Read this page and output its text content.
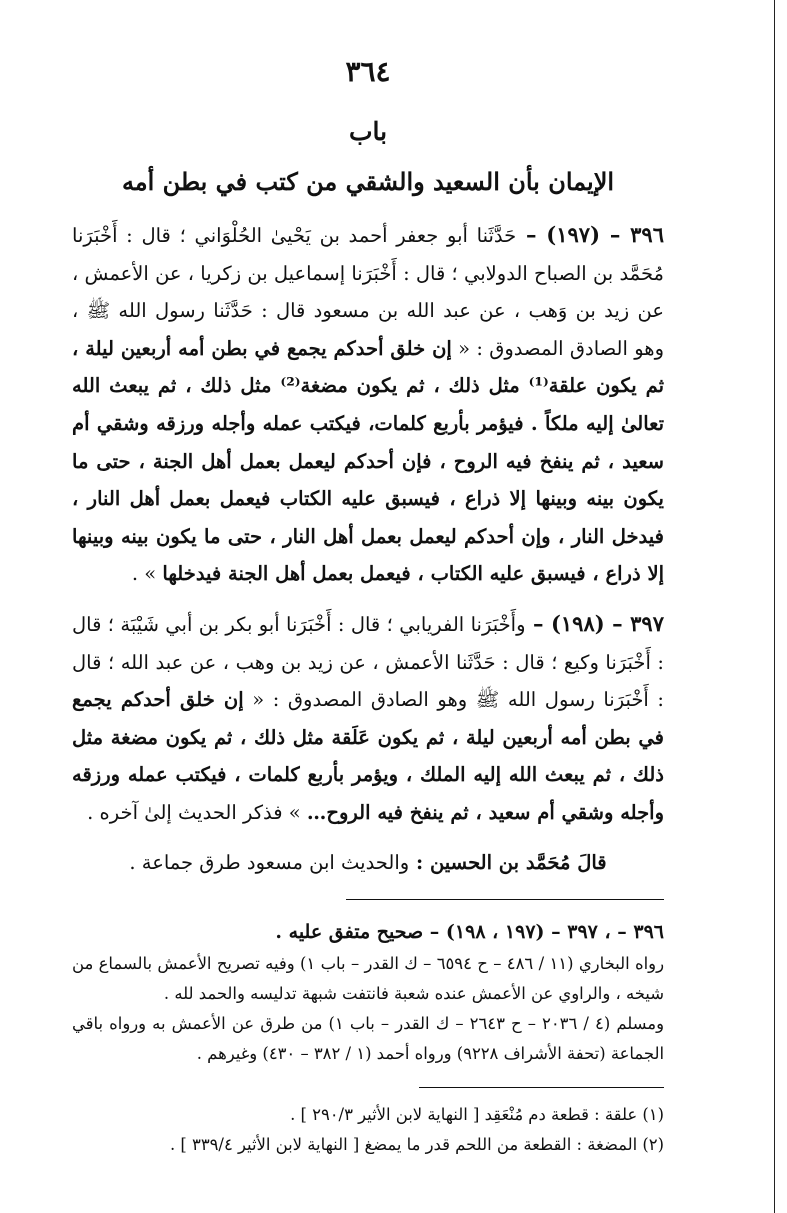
٣٦٤
باب
الإيمان بأن السعيد والشقي من كتب في بطن أمه

٣٩٦ – (١٩٧) – حَدَّثَنا أبو جعفر أحمد بن يَحْيىٰ الحُلْوَاني ؛ قال : أَخْبَرَنا مُحَمَّد بن الصباح الدولابي ؛ قال : أَخْبَرَنا إسماعيل بن زكريا ، عن الأعمش ، عن زيد بن وَهب ، عن عبد الله بن مسعود قال : حَدَّثَنا رسول الله ﷺ ، وهو الصادق المصدوق : « إن خلق أحدكم يجمع في بطن أمه أربعين ليلة ، ثم يكون علقة⁽¹⁾ مثل ذلك ، ثم يكون مضغة⁽²⁾ مثل ذلك ، ثم يبعث الله تعالىٰ إليه ملكاً . فيؤمر بأربع كلمات، فيكتب عمله وأجله ورزقه وشقي أم سعيد ، ثم ينفخ فيه الروح ، فإن أحدكم ليعمل بعمل أهل الجنة ، حتى ما يكون بينه وبينها إلا ذراع ، فيسبق عليه الكتاب فيعمل بعمل أهل النار ، فيدخل النار ، وإن أحدكم ليعمل بعمل أهل النار ، حتى ما يكون بينه وبينها إلا ذراع ، فيسبق عليه الكتاب ، فيعمل بعمل أهل الجنة فيدخلها » .

٣٩٧ – (١٩٨) – وأَخْبَرَنا الفريابي ؛ قال : أَخْبَرَنا أبو بكر بن أبي شَيْبَة ؛ قال : أَخْبَرَنا وكيع ؛ قال : حَدَّثَنا الأعمش ، عن زيد بن وهب ، عن عبد الله ؛ قال : أَخْبَرَنا رسول الله ﷺ وهو الصادق المصدوق : « إن خلق أحدكم يجمع في بطن أمه أربعين ليلة ، ثم يكون عَلَقة مثل ذلك ، ثم يكون مضغة مثل ذلك ، ثم يبعث الله إليه الملك ، ويؤمر بأربع كلمات ، فيكتب عمله ورزقه وأجله وشقي أم سعيد ، ثم ينفخ فيه الروح… » فذكر الحديث إلىٰ آخره .

قالَ مُحَمَّد بن الحسين : والحديث ابن مسعود طرق جماعة .

٣٩٦ – ، ٣٩٧ – (١٩٧ ، ١٩٨) – صحيح متفق عليه .

رواه البخاري (١١ / ٤٨٦ – ح ٦٥٩٤ – ك القدر – باب ١) وفيه تصريح الأعمش بالسماع من شيخه ، والراوي عن الأعمش عنده شعبة فانتفت شبهة تدليسه والحمد لله .

ومسلم (٤ / ٢٠٣٦ – ح ٢٦٤٣ – ك القدر – باب ١) من طرق عن الأعمش به ورواه باقي الجماعة (تحفة الأشراف ٩٢٢٨) ورواه أحمد (١ / ٣٨٢ – ٤٣٠) وغيرهم .

(١) علقة : قطعة دم مُنْعَقِد [ النهاية لابن الأثير ٢٩٠/٣ ] .

(٢) المضغة : القطعة من اللحم قدر ما يمضغ [ النهاية لابن الأثير ٣٣٩/٤ ] .
